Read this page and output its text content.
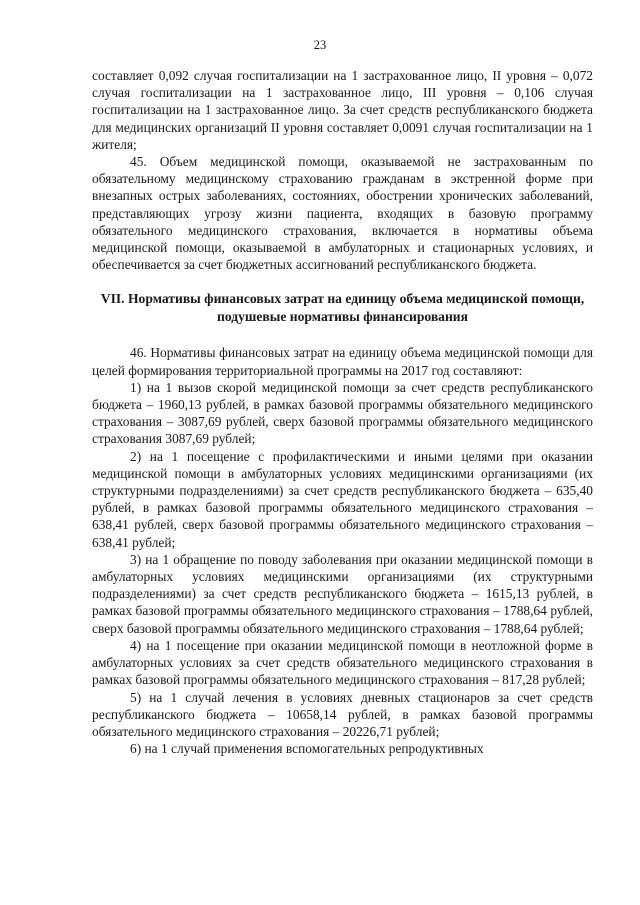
23

составляет 0,092 случая госпитализации на 1 застрахованное лицо, II уровня – 0,072 случая госпитализации на 1 застрахованное лицо, III уровня – 0,106 случая госпитализации на 1 застрахованное лицо. За счет средств республиканского бюджета для медицинских организаций II уровня составляет 0,0091 случая госпитализации на 1 жителя;

45. Объем медицинской помощи, оказываемой не застрахованным по обязательному медицинскому страхованию гражданам в экстренной форме при внезапных острых заболеваниях, состояниях, обострении хронических заболеваний, представляющих угрозу жизни пациента, входящих в базовую программу обязательного медицинского страхования, включается в нормативы объема медицинской помощи, оказываемой в амбулаторных и стационарных условиях, и обеспечивается за счет бюджетных ассигнований республиканского бюджета.

VII. Нормативы финансовых затрат на единицу объема медицинской помощи, подушевые нормативы финансирования

46. Нормативы финансовых затрат на единицу объема медицинской помощи для целей формирования территориальной программы на 2017 год составляют:

1) на 1 вызов скорой медицинской помощи за счет средств республиканского бюджета – 1960,13 рублей, в рамках базовой программы обязательного медицинского страхования – 3087,69 рублей, сверх базовой программы обязательного медицинского страхования 3087,69 рублей;

2) на 1 посещение с профилактическими и иными целями при оказании медицинской помощи в амбулаторных условиях медицинскими организациями (их структурными подразделениями) за счет средств республиканского бюджета – 635,40 рублей, в рамках базовой программы обязательного медицинского страхования – 638,41 рублей, сверх базовой программы обязательного медицинского страхования – 638,41 рублей;

3) на 1 обращение по поводу заболевания при оказании медицинской помощи в амбулаторных условиях медицинскими организациями (их структурными подразделениями) за счет средств республиканского бюджета – 1615,13 рублей, в рамках базовой программы обязательного медицинского страхования – 1788,64 рублей, сверх базовой программы обязательного медицинского страхования – 1788,64 рублей;

4) на 1 посещение при оказании медицинской помощи в неотложной форме в амбулаторных условиях за счет средств обязательного медицинского страхования в рамках базовой программы обязательного медицинского страхования – 817,28 рублей;

5) на 1 случай лечения в условиях дневных стационаров за счет средств республиканского бюджета – 10658,14 рублей, в рамках базовой программы обязательного медицинского страхования – 20226,71 рублей;

6) на 1 случай применения вспомогательных репродуктивных
